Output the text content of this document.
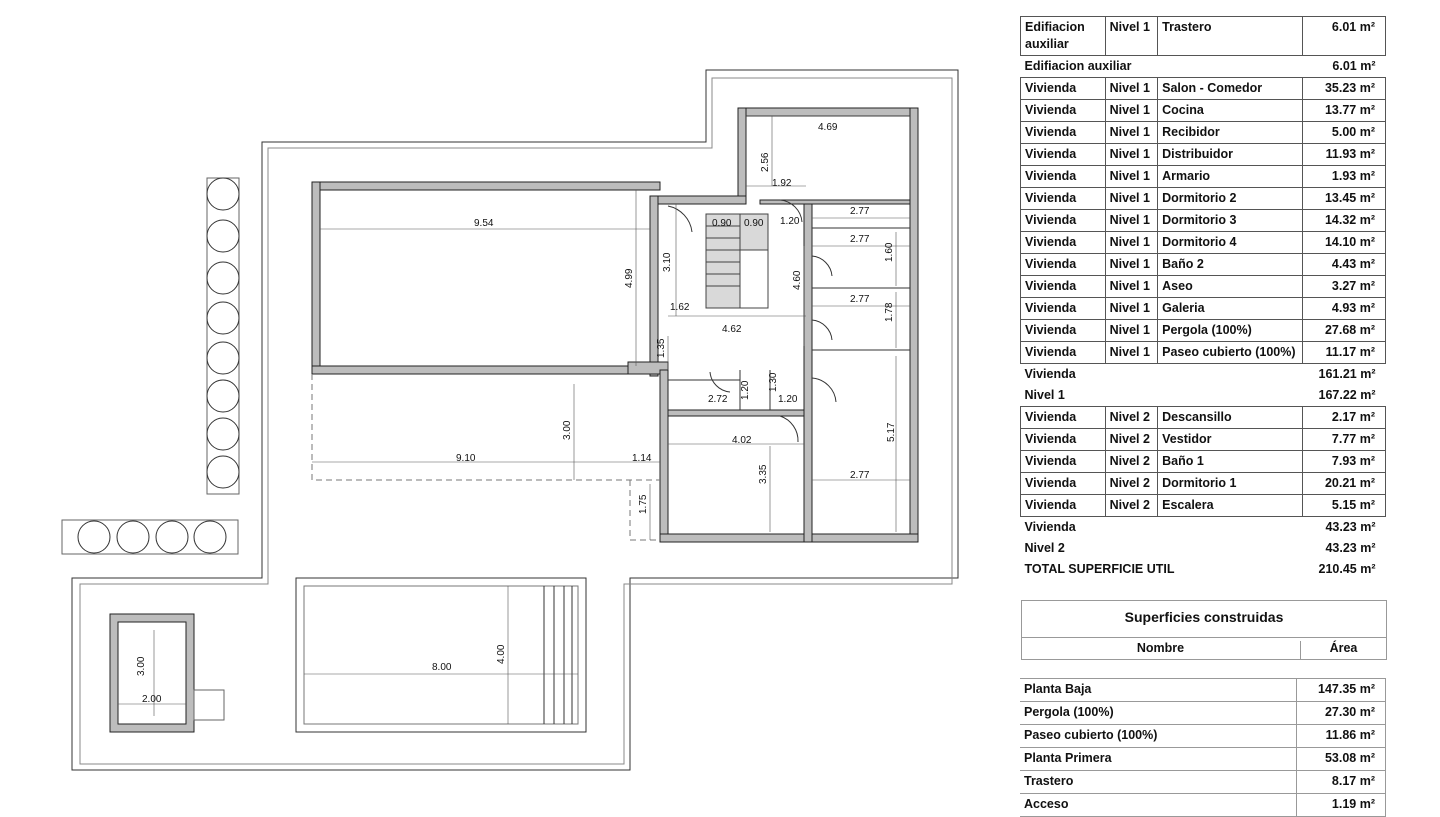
9.54
4.99
0.90 0.90
3.10
1.62
1.35
4.62
4.69
2.56
1.92
1.20
2.77
2.77
1.60
2.77
1.78
4.60
3.00
9.10	1.14
1.75
2.72 1.20 1.30
1.20
4.02
3.35	2.77
5.17
8.00
4.00
3.00
2.00
Edifiacion auxiliar	Nivel 1	Trastero	6.01 m²
Edifiacion auxiliar			6.01 m²
Vivienda	Nivel 1	Salon - Comedor	35.23 m²
Vivienda	Nivel 1	Cocina	13.77 m²
Vivienda	Nivel 1	Recibidor	5.00 m²
Vivienda	Nivel 1	Distribuidor	11.93 m²
Vivienda	Nivel 1	Armario	1.93 m²
Vivienda	Nivel 1	Dormitorio 2	13.45 m²
Vivienda	Nivel 1	Dormitorio 3	14.32 m²
Vivienda	Nivel 1	Dormitorio 4	14.10 m²
Vivienda	Nivel 1	Baño 2	4.43 m²
Vivienda	Nivel 1	Aseo	3.27 m²
Vivienda	Nivel 1	Galeria	4.93 m²
Vivienda	Nivel 1	Pergola (100%)	27.68 m²
Vivienda	Nivel 1	Paseo cubierto (100%)	11.17 m²
Vivienda			161.21 m²
Nivel 1			167.22 m²
Vivienda	Nivel 2	Descansillo	2.17 m²
Vivienda	Nivel 2	Vestidor	7.77 m²
Vivienda	Nivel 2	Baño 1	7.93 m²
Vivienda	Nivel 2	Dormitorio 1	20.21 m²
Vivienda	Nivel 2	Escalera	5.15 m²
Vivienda			43.23 m²
Nivel 2			43.23 m²
TOTAL SUPERFICIE UTIL			210.45 m²
Superficies construidas
Nombre	Área
Planta Baja	147.35 m²
Pergola (100%)	27.30 m²
Paseo cubierto (100%)	11.86 m²
Planta Primera	53.08 m²
Trastero	8.17 m²
Acceso	1.19 m²
